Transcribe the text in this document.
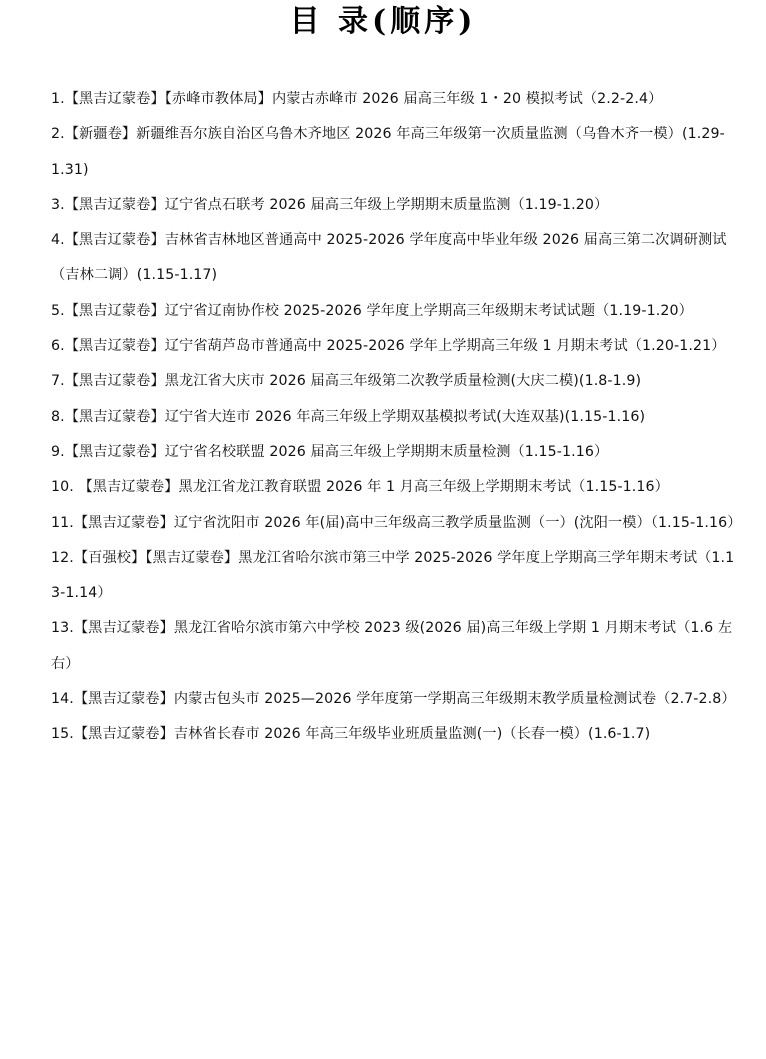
目 录(顺序)
1.【黑吉辽蒙卷】【赤峰市教体局】内蒙古赤峰市 2026 届高三年级 1・20 模拟考试（2.2-2.4）
2.【新疆卷】新疆维吾尔族自治区乌鲁木齐地区 2026 年高三年级第一次质量监测（乌鲁木齐一模）(1.29-1.31)
3.【黑吉辽蒙卷】辽宁省点石联考 2026 届高三年级上学期期末质量监测（1.19-1.20）
4.【黑吉辽蒙卷】吉林省吉林地区普通高中 2025-2026 学年度高中毕业年级 2026 届高三第二次调研测试（吉林二调）(1.15-1.17)
5.【黑吉辽蒙卷】辽宁省辽南协作校 2025-2026 学年度上学期高三年级期末考试试题（1.19-1.20）
6.【黑吉辽蒙卷】辽宁省葫芦岛市普通高中 2025-2026 学年上学期高三年级 1 月期末考试（1.20-1.21）
7.【黑吉辽蒙卷】黑龙江省大庆市 2026 届高三年级第二次教学质量检测(大庆二模)(1.8-1.9)
8.【黑吉辽蒙卷】辽宁省大连市 2026 年高三年级上学期双基模拟考试(大连双基)(1.15-1.16)
9.【黑吉辽蒙卷】辽宁省名校联盟 2026 届高三年级上学期期末质量检测（1.15-1.16）
10. 【黑吉辽蒙卷】黑龙江省龙江教育联盟 2026 年 1 月高三年级上学期期末考试（1.15-1.16）
11.【黑吉辽蒙卷】辽宁省沈阳市 2026 年(届)高中三年级高三教学质量监测（一）(沈阳一模）（1.15-1.16）
12.【百强校】【黑吉辽蒙卷】黑龙江省哈尔滨市第三中学 2025-2026 学年度上学期高三学年期末考试（1.13-1.14）
13.【黑吉辽蒙卷】黑龙江省哈尔滨市第六中学校 2023 级(2026 届)高三年级上学期 1 月期末考试（1.6 左右）
14.【黑吉辽蒙卷】内蒙古包头市 2025—2026 学年度第一学期高三年级期末教学质量检测试卷（2.7-2.8）
15.【黑吉辽蒙卷】吉林省长春市 2026 年高三年级毕业班质量监测(一)（长春一模）(1.6-1.7)
